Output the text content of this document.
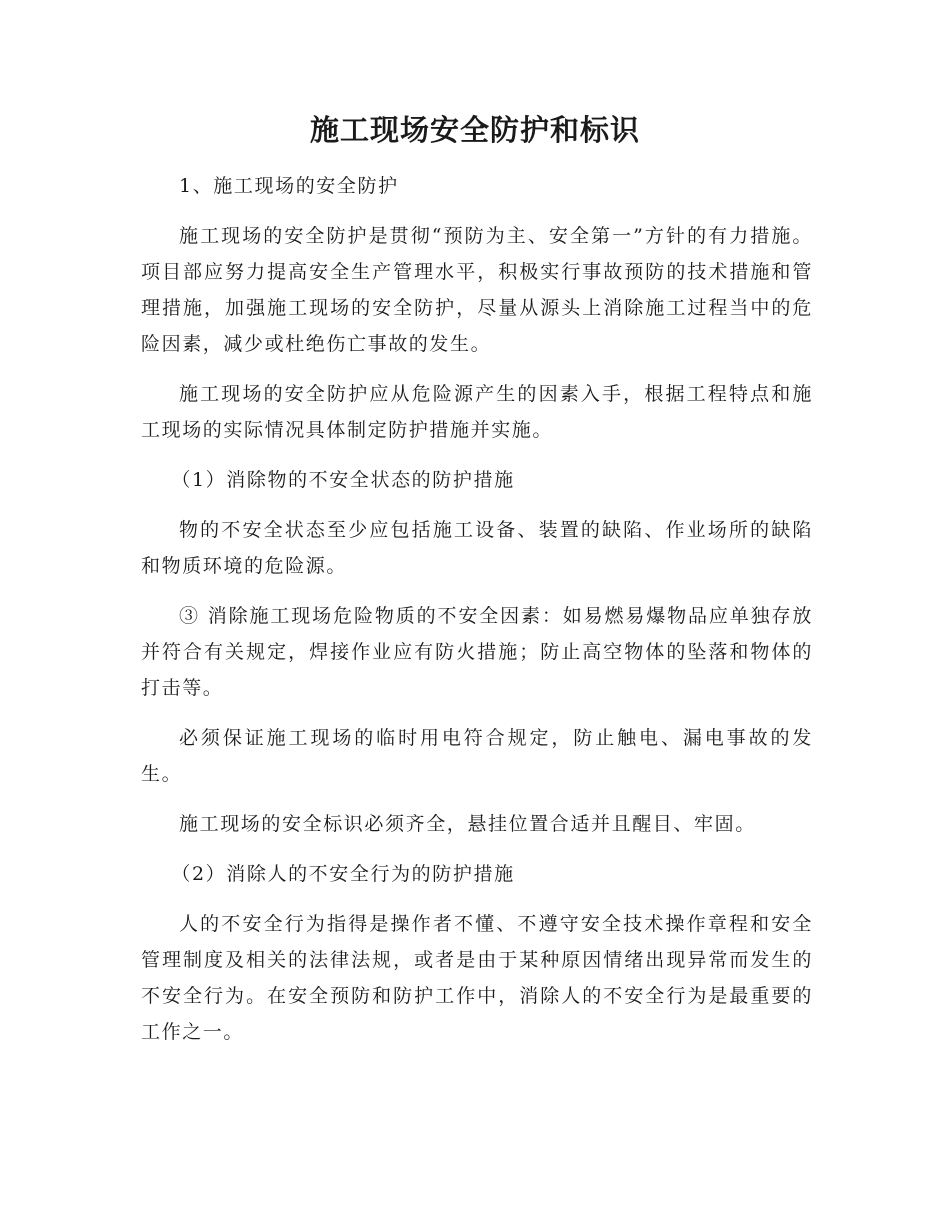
施工现场安全防护和标识

1、施工现场的安全防护

施工现场的安全防护是贯彻“预防为主、安全第一”方针的有力措施。项目部应努力提高安全生产管理水平，积极实行事故预防的技术措施和管理措施，加强施工现场的安全防护，尽量从源头上消除施工过程当中的危险因素，减少或杜绝伤亡事故的发生。

施工现场的安全防护应从危险源产生的因素入手，根据工程特点和施工现场的实际情况具体制定防护措施并实施。

（1）消除物的不安全状态的防护措施

物的不安全状态至少应包括施工设备、装置的缺陷、作业场所的缺陷和物质环境的危险源。

③ 消除施工现场危险物质的不安全因素：如易燃易爆物品应单独存放并符合有关规定，焊接作业应有防火措施；防止高空物体的坠落和物体的打击等。

必须保证施工现场的临时用电符合规定，防止触电、漏电事故的发生。

施工现场的安全标识必须齐全，悬挂位置合适并且醒目、牢固。

（2）消除人的不安全行为的防护措施

人的不安全行为指得是操作者不懂、不遵守安全技术操作章程和安全管理制度及相关的法律法规，或者是由于某种原因情绪出现异常而发生的不安全行为。在安全预防和防护工作中，消除人的不安全行为是最重要的工作之一。
